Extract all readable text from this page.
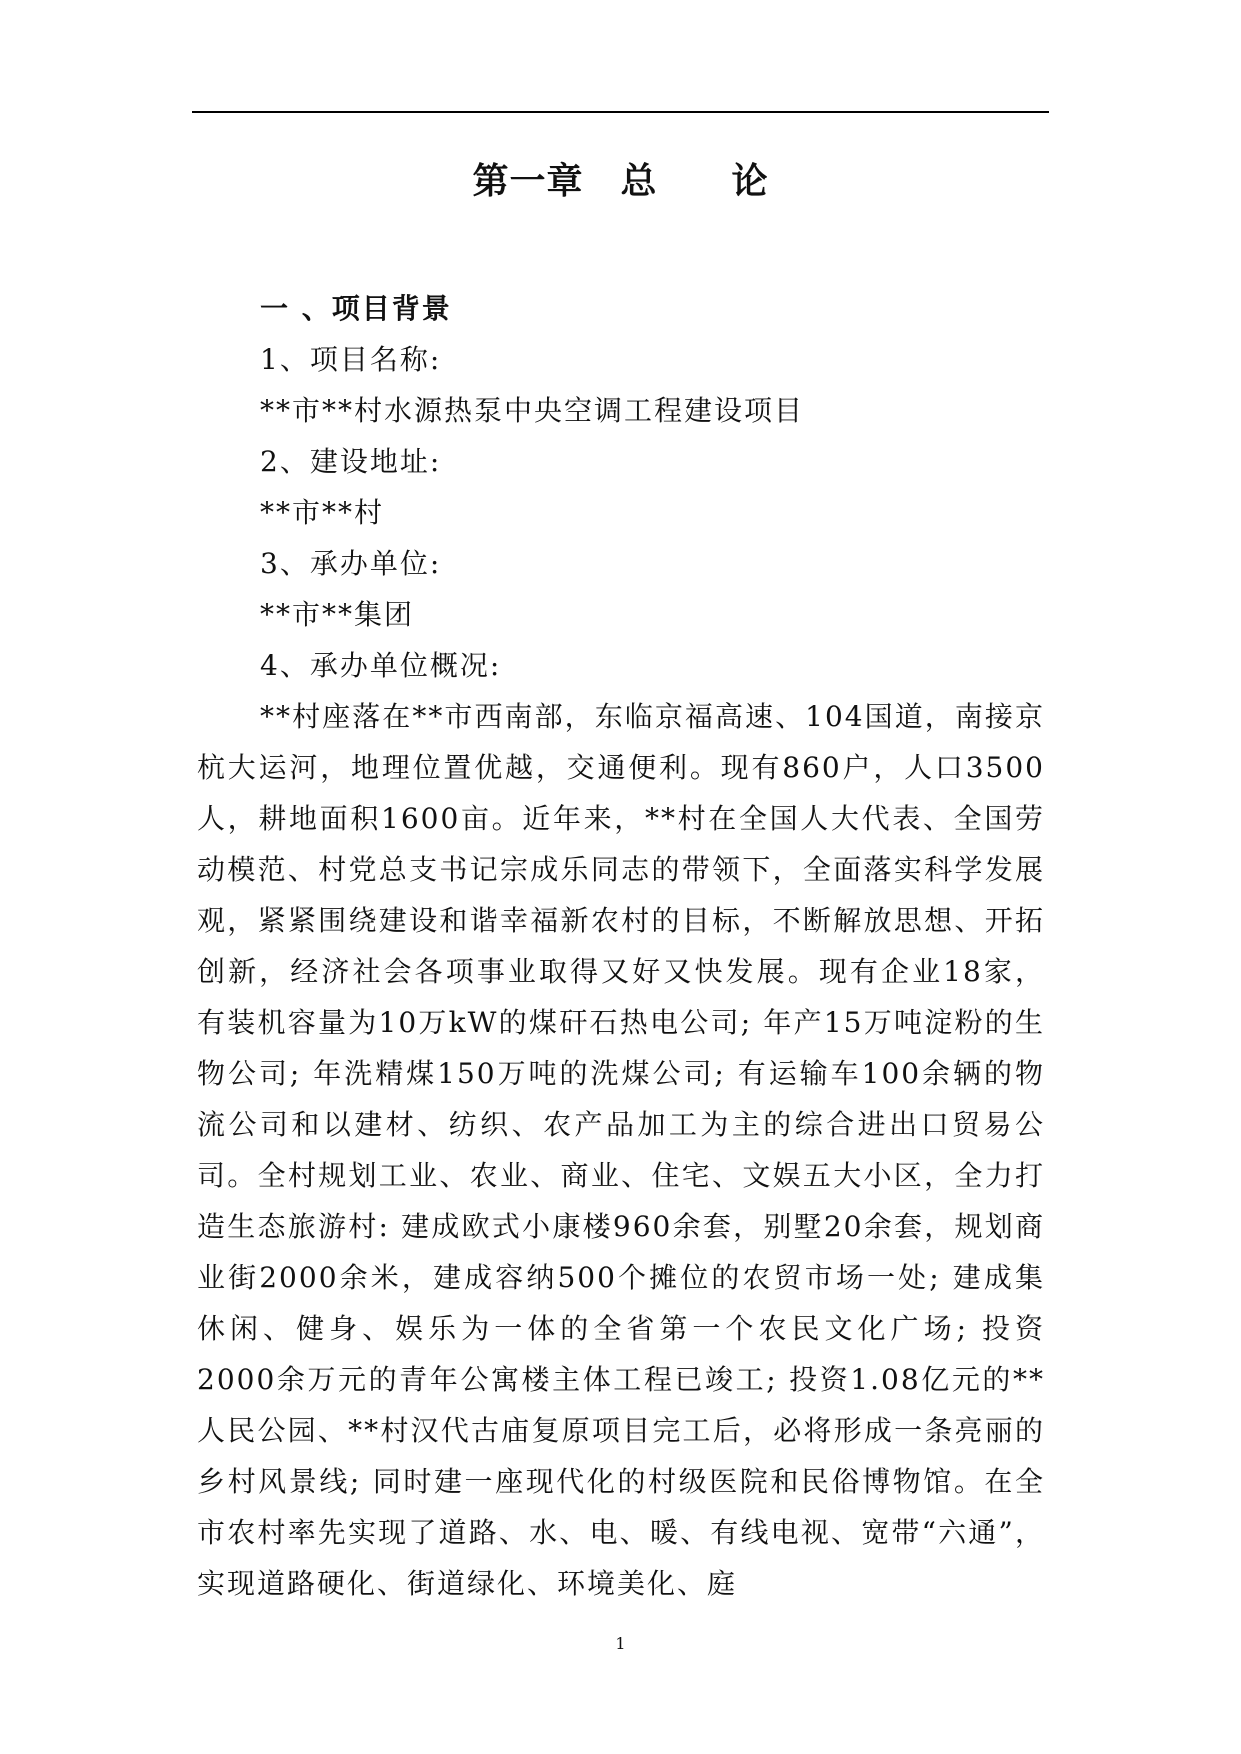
第一章　总　　论

一 、项目背景

1、项目名称:

**市**村水源热泵中央空调工程建设项目

2、建设地址:

**市**村

3、承办单位:

**市**集团

4、承办单位概况:

**村座落在**市西南部，东临京福高速、104国道，南接京杭大运河，地理位置优越，交通便利。现有860户，人口3500人，耕地面积1600亩。近年来，**村在全国人大代表、全国劳动模范、村党总支书记宗成乐同志的带领下，全面落实科学发展观，紧紧围绕建设和谐幸福新农村的目标，不断解放思想、开拓创新，经济社会各项事业取得又好又快发展。现有企业18家，有装机容量为10万kW的煤矸石热电公司; 年产15万吨淀粉的生物公司; 年洗精煤150万吨的洗煤公司; 有运输车100余辆的物流公司和以建材、纺织、农产品加工为主的综合进出口贸易公司。全村规划工业、农业、商业、住宅、文娱五大小区，全力打造生态旅游村: 建成欧式小康楼960余套，别墅20余套，规划商业街2000余米，建成容纳500个摊位的农贸市场一处; 建成集休闲、健身、娱乐为一体的全省第一个农民文化广场; 投资2000余万元的青年公寓楼主体工程已竣工; 投资1.08亿元的**人民公园、**村汉代古庙复原项目完工后，必将形成一条亮丽的乡村风景线; 同时建一座现代化的村级医院和民俗博物馆。在全市农村率先实现了道路、水、电、暖、有线电视、宽带“六通”，实现道路硬化、街道绿化、环境美化、庭

1
